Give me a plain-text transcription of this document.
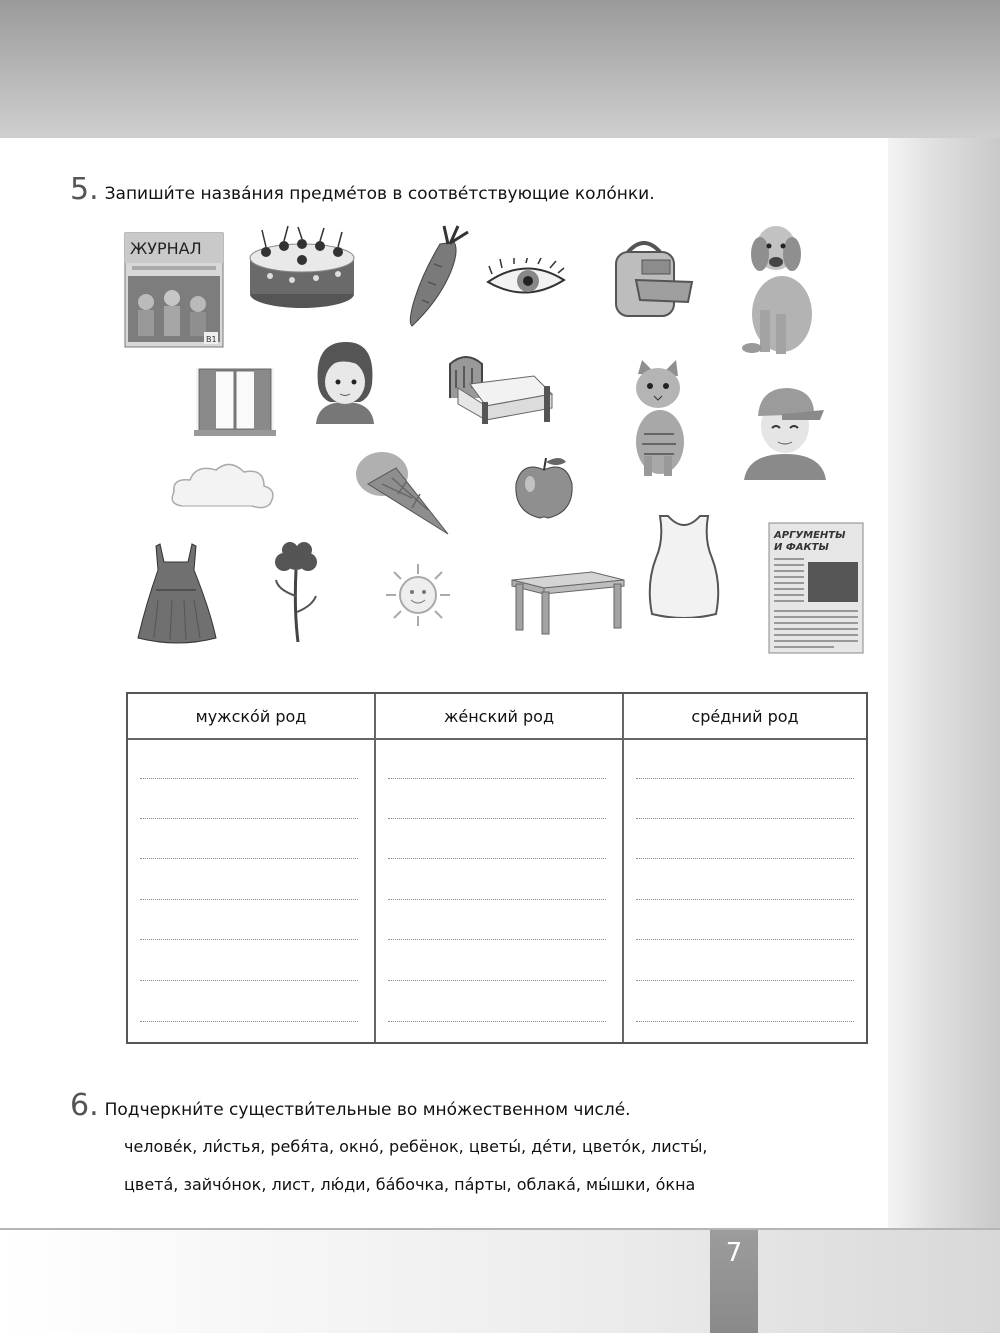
7
5. Запиши́те назва́ния предме́тов в соотве́тствующие коло́нки.
ЖУРНАЛ
В1
АРГУМЕНТЫ
И ФАКТЫ
мужско́й род	же́нский род	сре́дний род
6. Подчеркни́те существи́тельные во мно́жественном числе́.
челове́к, ли́стья, ребя́та, окно́, ребёнок, цветы́, де́ти, цвето́к, листы́,
цвета́, зайчо́нок, лист, лю́ди, ба́бочка, па́рты, облака́, мы́шки, о́кна
